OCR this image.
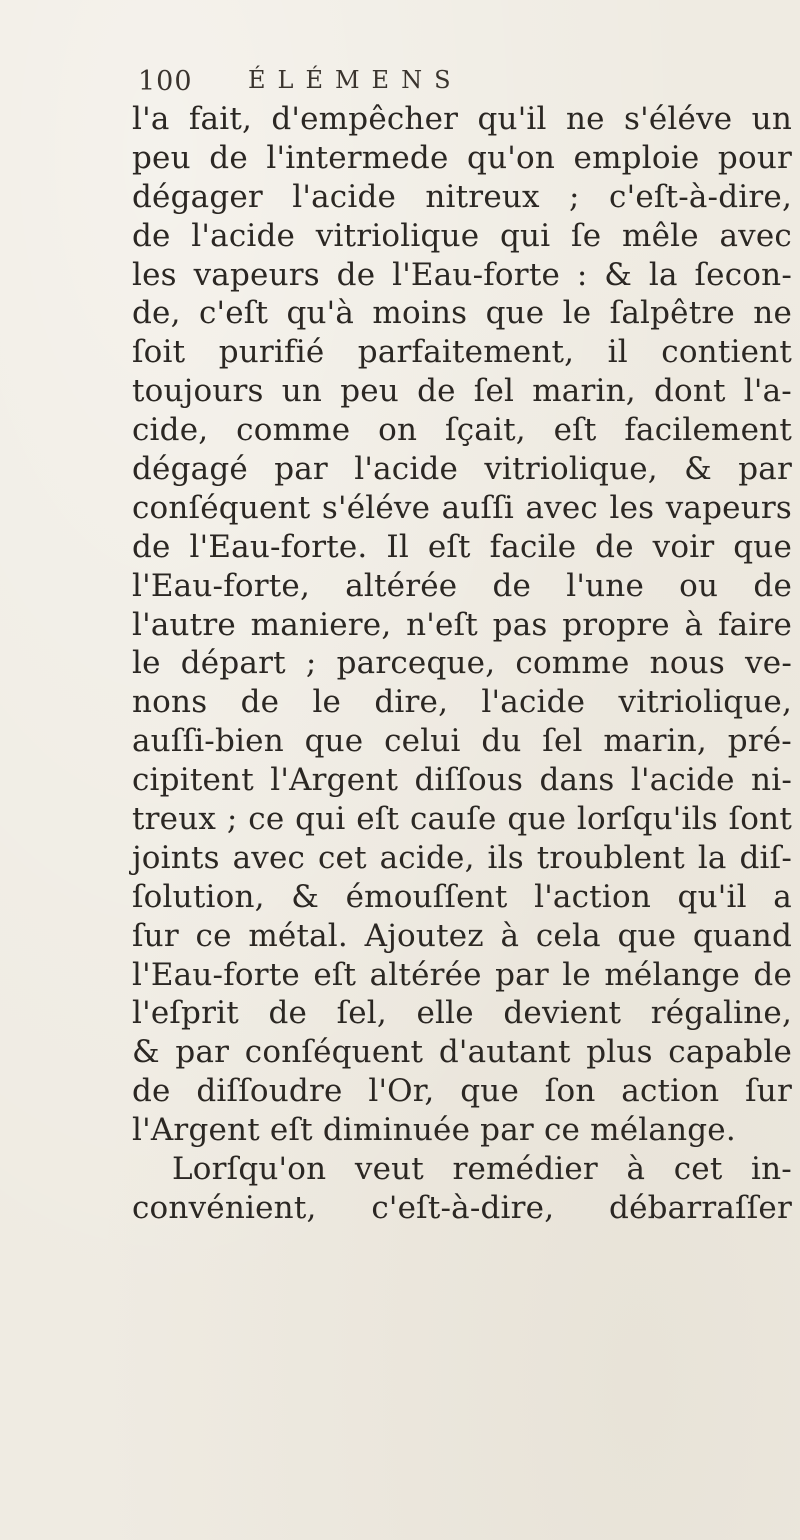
100 ÉLÉMENS
l'a fait, d'empêcher qu'il ne s'éléve un
peu de l'intermede qu'on emploie pour
dégager l'acide nitreux ; c'eſt-à-dire,
de l'acide vitriolique qui ſe mêle avec
les vapeurs de l'Eau-forte : & la ſecon-
de, c'eſt qu'à moins que le ſalpêtre ne
ſoit purifié parfaitement, il contient
toujours un peu de ſel marin, dont l'a-
cide, comme on ſçait, eſt facilement
dégagé par l'acide vitriolique, & par
conſéquent s'éléve auſſi avec les vapeurs
de l'Eau-forte. Il eſt facile de voir que
l'Eau-forte, altérée de l'une ou de
l'autre maniere, n'eſt pas propre à faire
le départ ; parceque, comme nous ve-
nons de le dire, l'acide vitriolique,
auſſi-bien que celui du ſel marin, pré-
cipitent l'Argent diſſous dans l'acide ni-
treux ; ce qui eſt cauſe que lorſqu'ils ſont
joints avec cet acide, ils troublent la diſ-
ſolution, & émouſſent l'action qu'il a
ſur ce métal. Ajoutez à cela que quand
l'Eau-forte eſt altérée par le mélange de
l'eſprit de ſel, elle devient régaline,
& par conſéquent d'autant plus capable
de diſſoudre l'Or, que ſon action ſur
l'Argent eſt diminuée par ce mélange.
Lorſqu'on veut remédier à cet in-
convénient, c'eſt-à-dire, débarraſſer
